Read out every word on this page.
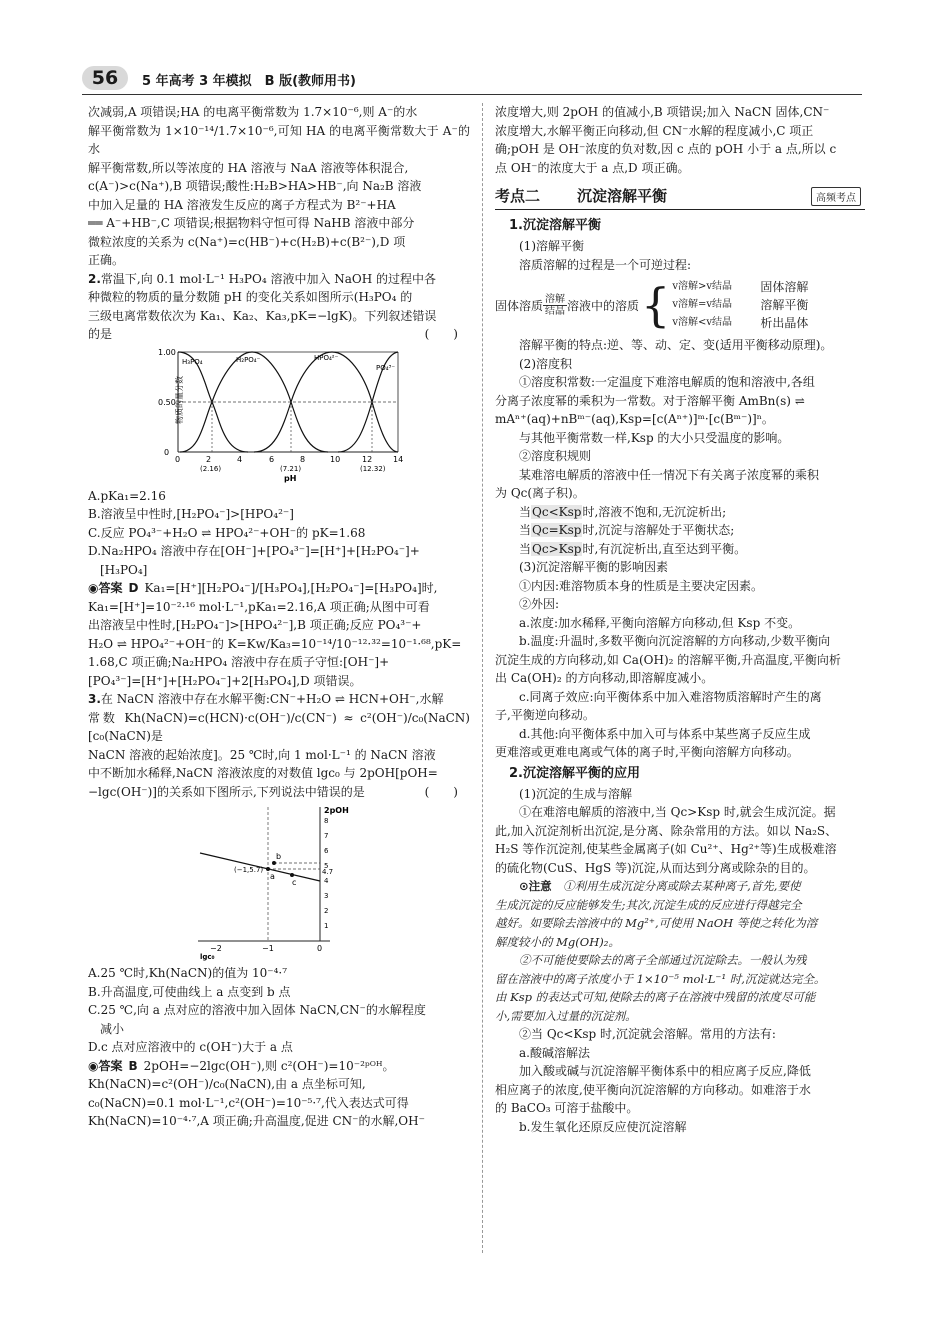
56	5 年高考 3 年模拟　B 版(教师用书)

次减弱,A 项错误;HA 的电离平衡常数为 1.7×10⁻⁶,则 A⁻的水

解平衡常数为 1×10⁻¹⁴/1.7×10⁻⁶,可知 HA 的电离平衡常数大于 A⁻的水

解平衡常数,所以等浓度的 HA 溶液与 NaA 溶液等体积混合,

c(A⁻)>c(Na⁺),B 项错误;酸性:H₂B>HA>HB⁻,向 Na₂B 溶液

中加入足量的 HA 溶液发生反应的离子方程式为 B²⁻+HA

══ A⁻+HB⁻,C 项错误;根据物料守恒可得 NaHB 溶液中部分

微粒浓度的关系为 c(Na⁺)=c(HB⁻)+c(H₂B)+c(B²⁻),D 项

正确。

2.常温下,向 0.1 mol·L⁻¹ H₃PO₄ 溶液中加入 NaOH 的过程中各

种微粒的物质的量分数随 pH 的变化关系如图所示(H₃PO₄ 的

三级电离常数依次为 Ka₁、Ka₂、Ka₃,pK=−lgK)。下列叙述错误

的是	(　　)

物质的量分数
0
0.50
1.00
0	2	4	6	8	10	12	14
(2.16)	(7.21)	(12.32)
pH
H₃PO₄	H₂PO₄⁻	HPO₄²⁻
PO₄³⁻

A.pKa₁=2.16

B.溶液呈中性时,[H₂PO₄⁻]>[HPO₄²⁻]

C.反应 PO₄³⁻+H₂O ⇌ HPO₄²⁻+OH⁻的 pK=1.68

D.Na₂HPO₄ 溶液中存在[OH⁻]+[PO₄³⁻]=[H⁺]+[H₂PO₄⁻]+

　[H₃PO₄]

◉答案 D Ka₁=[H⁺][H₂PO₄⁻]/[H₃PO₄],[H₂PO₄⁻]=[H₃PO₄]时,

Ka₁=[H⁺]=10⁻²·¹⁶ mol·L⁻¹,pKa₁=2.16,A 项正确;从图中可看

出溶液呈中性时,[H₂PO₄⁻]>[HPO₄²⁻],B 项正确;反应 PO₄³⁻+

H₂O ⇌ HPO₄²⁻+OH⁻的 K=Kw/Ka₃=10⁻¹⁴/10⁻¹²·³²=10⁻¹·⁶⁸,pK=

1.68,C 项正确;Na₂HPO₄ 溶液中存在质子守恒:[OH⁻]+

[PO₄³⁻]=[H⁺]+[H₂PO₄⁻]+2[H₃PO₄],D 项错误。

3.在 NaCN 溶液中存在水解平衡:CN⁻+H₂O ⇌ HCN+OH⁻,水解

常数 Kh(NaCN)=c(HCN)·c(OH⁻)/c(CN⁻) ≈ c²(OH⁻)/c₀(NaCN)[c₀(NaCN)是

NaCN 溶液的起始浓度]。25 ℃时,向 1 mol·L⁻¹ 的 NaCN 溶液

中不断加水稀释,NaCN 溶液浓度的对数值 lgc₀ 与 2pOH[pOH=

−lgc(OH⁻)]的关系如下图所示,下列说法中错误的是	(　　)

a
b
c
(−1,5.7)	4.7
2pOH
1
2
3
4
5
6
7
8
−2	−1	0
lgc₀

A.25 ℃时,Kh(NaCN)的值为 10⁻⁴·⁷

B.升高温度,可使曲线上 a 点变到 b 点

C.25 ℃,向 a 点对应的溶液中加入固体 NaCN,CN⁻的水解程度

　减小

D.c 点对应溶液中的 c(OH⁻)大于 a 点

◉答案 B 2pOH=−2lgc(OH⁻),则 c²(OH⁻)=10⁻²ᵖᴼᴴ。

Kh(NaCN)=c²(OH⁻)/c₀(NaCN),由 a 点坐标可知,

c₀(NaCN)=0.1 mol·L⁻¹,c²(OH⁻)=10⁻⁵·⁷,代入表达式可得

Kh(NaCN)=10⁻⁴·⁷,A 项正确;升高温度,促进 CN⁻的水解,OH⁻

浓度增大,则 2pOH 的值减小,B 项错误;加入 NaCN 固体,CN⁻

浓度增大,水解平衡正向移动,但 CN⁻水解的程度减小,C 项正

确;pOH 是 OH⁻浓度的负对数,因 c 点的 pOH 小于 a 点,所以 c

点 OH⁻的浓度大于 a 点,D 项正确。

考点二 沉淀溶解平衡	高频考点

1.沉淀溶解平衡

(1)溶解平衡

溶质溶解的过程是一个可逆过程:

固体溶质 $\frac{\text{溶解}}{\text{结晶}}$ 溶液中的溶质 { v溶解>v结晶	固体溶解
v溶解=v结晶	溶解平衡
v溶解<v结晶	析出晶体

溶解平衡的特点:逆、等、动、定、变(适用平衡移动原理)。

(2)溶度积

①溶度积常数:一定温度下难溶电解质的饱和溶液中,各组

分离子浓度幂的乘积为一常数。对于溶解平衡 AmBn(s) ⇌

mAⁿ⁺(aq)+nBᵐ⁻(aq),Ksp=[c(Aⁿ⁺)]ᵐ·[c(Bᵐ⁻)]ⁿ。

与其他平衡常数一样,Ksp 的大小只受温度的影响。

②溶度积规则

某难溶电解质的溶液中任一情况下有关离子浓度幂的乘积

为 Qc(离子积)。

当Qc<Ksp时,溶液不饱和,无沉淀析出;

当Qc=Ksp时,沉淀与溶解处于平衡状态;

当Qc>Ksp时,有沉淀析出,直至达到平衡。

(3)沉淀溶解平衡的影响因素

①内因:难溶物质本身的性质是主要决定因素。

②外因:

a.浓度:加水稀释,平衡向溶解方向移动,但 Ksp 不变。

b.温度:升温时,多数平衡向沉淀溶解的方向移动,少数平衡向

沉淀生成的方向移动,如 Ca(OH)₂ 的溶解平衡,升高温度,平衡向析

出 Ca(OH)₂ 的方向移动,即溶解度减小。

c.同离子效应:向平衡体系中加入难溶物质溶解时产生的离

子,平衡逆向移动。

d.其他:向平衡体系中加入可与体系中某些离子反应生成

更难溶或更难电离或气体的离子时,平衡向溶解方向移动。

2.沉淀溶解平衡的应用

(1)沉淀的生成与溶解

①在难溶电解质的溶液中,当 Qc>Ksp 时,就会生成沉淀。据

此,加入沉淀剂析出沉淀,是分离、除杂常用的方法。如以 Na₂S、

H₂S 等作沉淀剂,使某些金属离子(如 Cu²⁺、Hg²⁺等)生成极难溶

的硫化物(CuS、HgS 等)沉淀,从而达到分离或除杂的目的。

⊙注意　 ①利用生成沉淀分离或除去某种离子,首先,要使

生成沉淀的反应能够发生;其次,沉淀生成的反应进行得越完全

越好。如要除去溶液中的 Mg²⁺,可使用 NaOH 等使之转化为溶

解度较小的 Mg(OH)₂。

②不可能使要除去的离子全部通过沉淀除去。一般认为残

留在溶液中的离子浓度小于 1×10⁻⁵ mol·L⁻¹ 时,沉淀就达完全。

由 Ksp 的表达式可知,使除去的离子在溶液中残留的浓度尽可能

小,需要加入过量的沉淀剂。

②当 Qc<Ksp 时,沉淀就会溶解。常用的方法有:

a.酸碱溶解法

加入酸或碱与沉淀溶解平衡体系中的相应离子反应,降低

相应离子的浓度,使平衡向沉淀溶解的方向移动。如难溶于水

的 BaCO₃ 可溶于盐酸中。

b.发生氧化还原反应使沉淀溶解
